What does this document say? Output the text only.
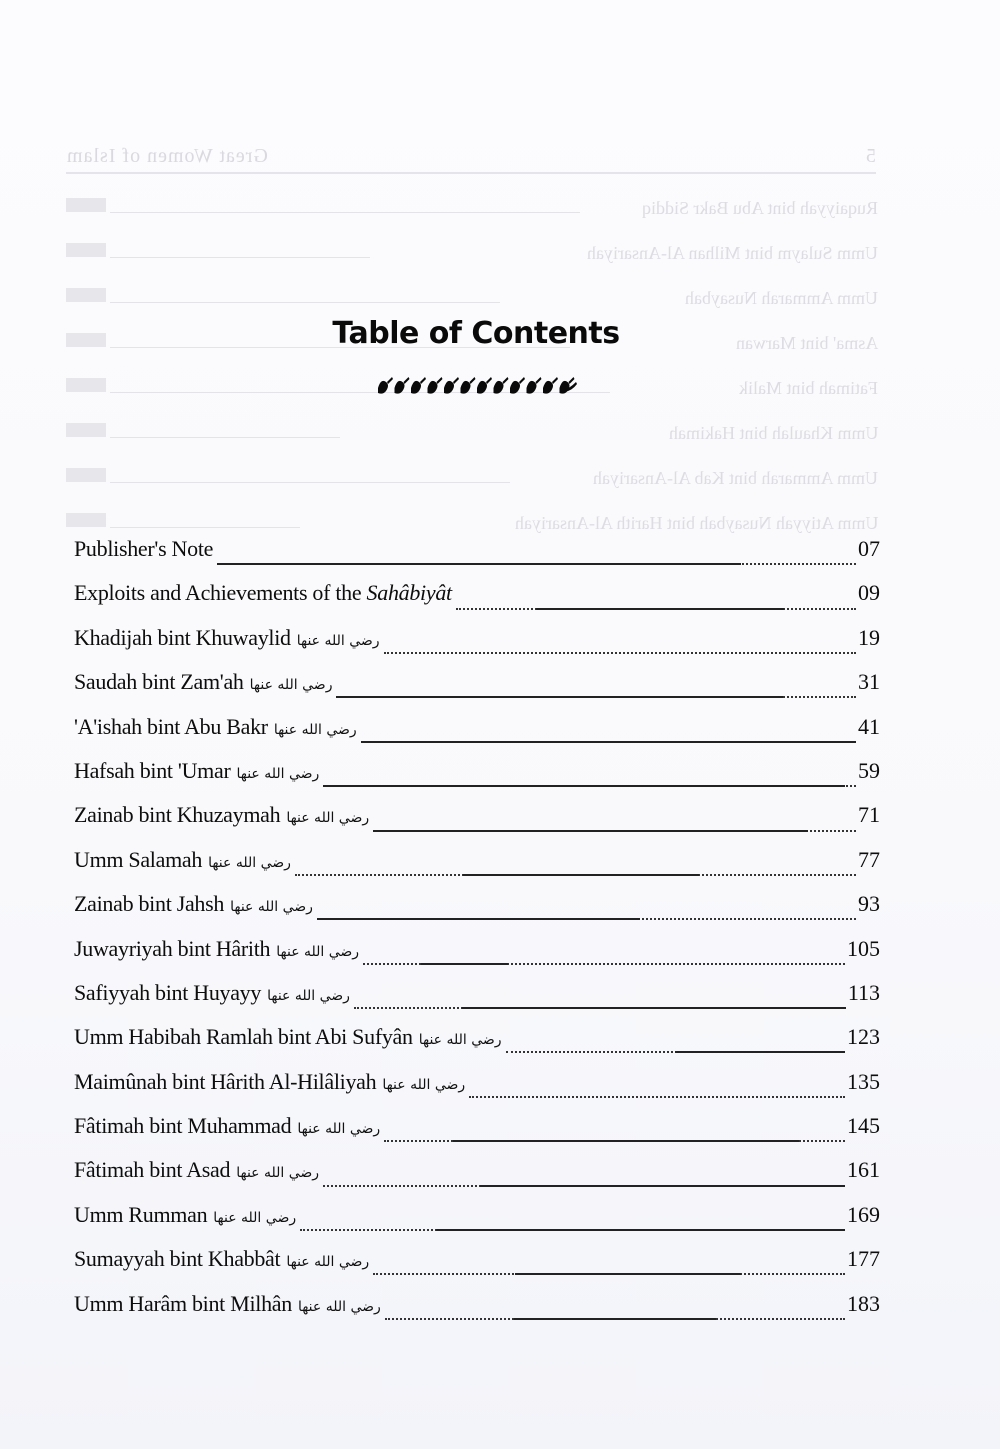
5
Great Women of Islam
Ruqaiyyah bint Abu Bakr Siddiq
Umm Sulaym bint Milhan Al-Ansariyah
Umm Ammarah Nusaybah
Asma' bint Marwan
Fatimah bint Malik
Umm Khaulah bint Hakimah
Umm Ammarah bint Kab Al-Ansariyah
Umm Atiyyah Nusaybah bint Harith Al-Ansariyah
Table of Contents
Publisher's Note	07
Exploits and Achievements of the Sahâbiyât	09
Khadijah bint Khuwaylid رضي الله عنها	19
Saudah bint Zam'ah رضي الله عنها	31
'A'ishah bint Abu Bakr رضي الله عنها	41
Hafsah bint 'Umar رضي الله عنها	59
Zainab bint Khuzaymah رضي الله عنها	71
Umm Salamah رضي الله عنها	77
Zainab bint Jahsh رضي الله عنها	93
Juwayriyah bint Hârith رضي الله عنها	105
Safiyyah bint Huyayy رضي الله عنها	113
Umm Habibah Ramlah bint Abi Sufyân رضي الله عنها	123
Maimûnah bint Hârith Al-Hilâliyah رضي الله عنها	135
Fâtimah bint Muhammad رضي الله عنها	145
Fâtimah bint Asad رضي الله عنها	161
Umm Rumman رضي الله عنها	169
Sumayyah bint Khabbât رضي الله عنها	177
Umm Harâm bint Milhân رضي الله عنها	183
